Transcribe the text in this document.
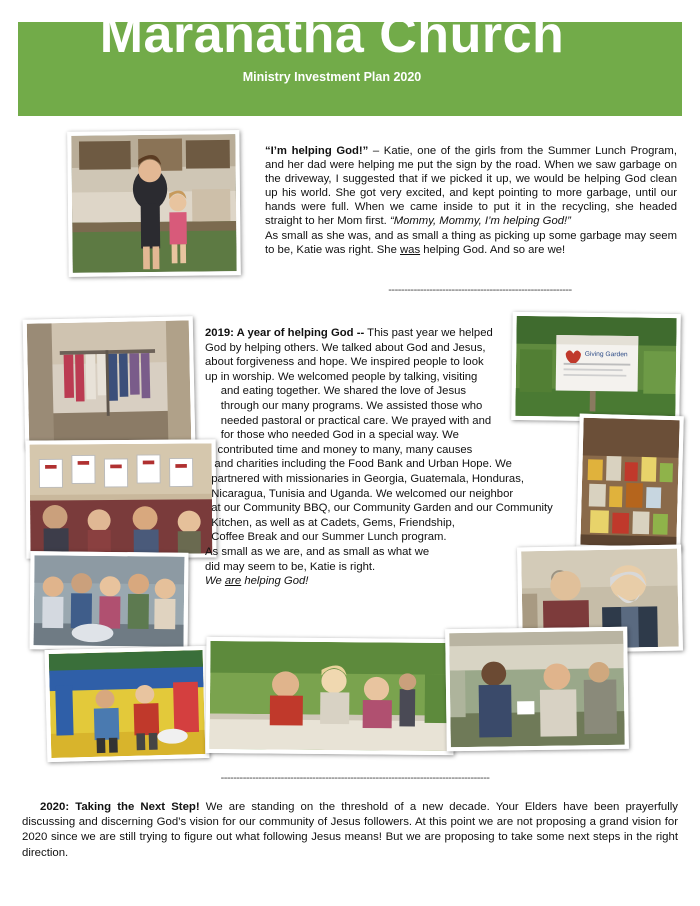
Maranatha Church
Ministry Investment Plan 2020
“I’m helping God!” – Katie, one of the girls from the Summer Lunch Program, and her dad were helping me put the sign by the road. When we saw garbage on the driveway, I suggested that if we picked it up, we would be helping God clean up his world. She got very excited, and kept pointing to more garbage, until our hands were full. When we came inside to put it in the recycling, she headed straight to her Mom first. “Mommy, Mommy, I’m helping God!”
As small as she was, and as small a thing as picking up some garbage may seem to be, Katie was right. She was helping God. And so are we!
----------------------------------------------------------
Giving Garden
2019: A year of helping God -- This past year we helped
God by helping others. We talked about God and Jesus,
about forgiveness and hope. We inspired people to look
up in worship. We welcomed people by talking, visiting
and eating together. We shared the love of Jesus
through our many programs. We assisted those who
needed pastoral or practical care. We prayed with and
for those who needed God in a special way. We
contributed time and money to many, many causes
and charities including the Food Bank and Urban Hope. We
partnered with missionaries in Georgia, Guatemala, Honduras,
Nicaragua, Tunisia and Uganda. We welcomed our neighbor
at our Community BBQ, our Community Garden and our Community
Kitchen, as well as at Cadets, Gems, Friendship,
Coffee Break and our Summer Lunch program.
As small as we are, and as small as what we
did may seem to be, Katie is right.
We are helping God!
-------------------------------------------------------------------------------------
2020: Taking the Next Step! We are standing on the threshold of a new decade. Your Elders have been prayerfully discussing and discerning God’s vision for our community of Jesus followers. At this point we are not proposing a grand vision for 2020 since we are still trying to figure out what following Jesus means! But we are proposing to take some next steps in the right direction.
